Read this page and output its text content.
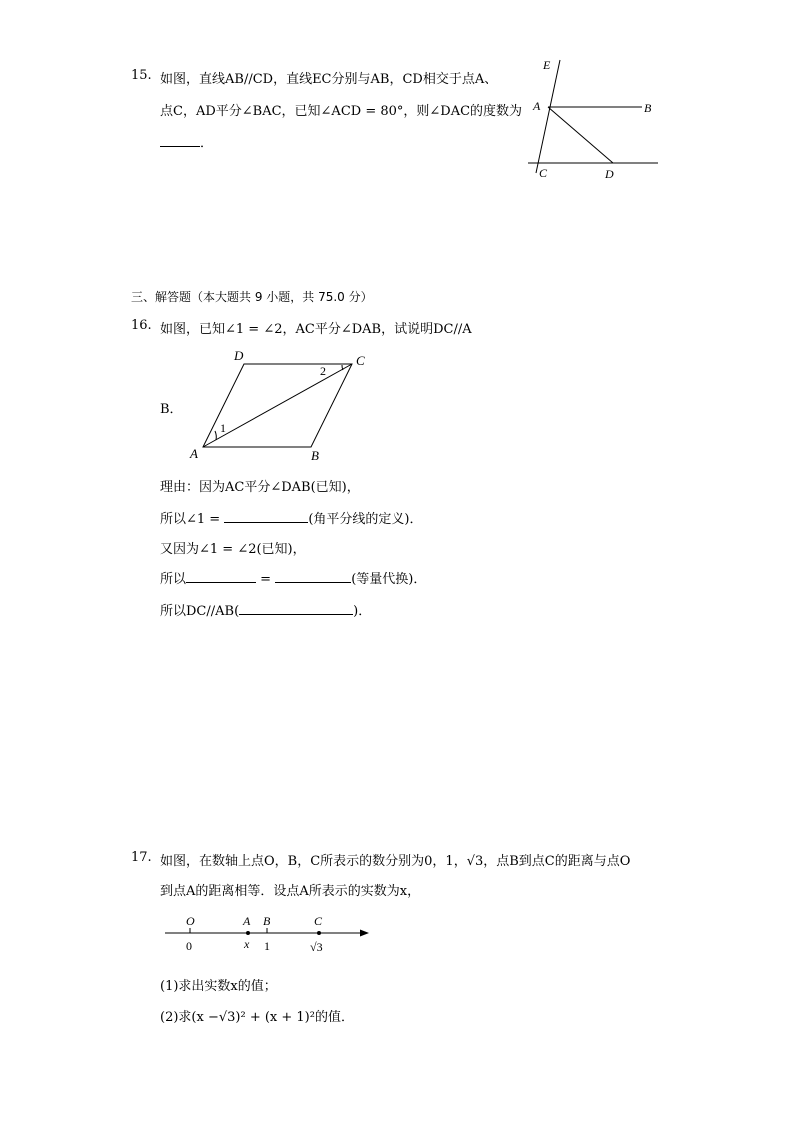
15. 如图，直线AB//CD，直线EC分别与AB，CD相交于点A、
点C，AD平分∠BAC，已知∠ACD = 80°，则∠DAC的度数为
．
E
A	B
C	D
三、解答题（本大题共 9 小题，共 75.0 分）
16. 如图，已知∠1 = ∠2，AC平分∠DAB，试说明DC//A
B．
D	C
A	B
1
2
理由：因为AC平分∠DAB(已知)，
所以∠1 =	(角平分线的定义)．
又因为∠1 = ∠2(已知)，
所以	=	(等量代换)．
所以DC//AB(	)．
17. 如图，在数轴上点O，B，C所表示的数分别为0，1，√3，点B到点C的距离与点O
到点A的距离相等．设点A所表示的实数为x，
O	A B	C
0	x 1	√3
(1)求出实数x的值；
(2)求(x −√3)² + (x + 1)²的值．
